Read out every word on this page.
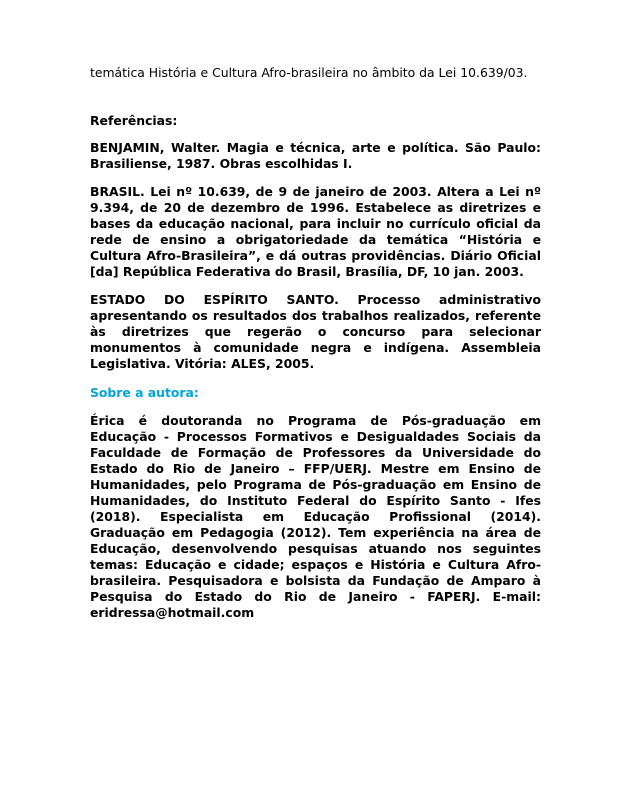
temática História e Cultura Afro-brasileira no âmbito da Lei 10.639/03.

Referências:

BENJAMIN, Walter. Magia e técnica, arte e política. São Paulo: Brasiliense, 1987. Obras escolhidas I.

BRASIL. Lei nº 10.639, de 9 de janeiro de 2003. Altera a Lei nº 9.394, de 20 de dezembro de 1996. Estabelece as diretrizes e bases da educação nacional, para incluir no currículo oficial da rede de ensino a obrigatoriedade da temática “História e Cultura Afro-Brasileira”, e dá outras providências. Diário Oficial [da] República Federativa do Brasil, Brasília, DF, 10 jan. 2003.

ESTADO DO ESPÍRITO SANTO. Processo administrativo apresentando os resultados dos trabalhos realizados, referente às diretrizes que regerão o concurso para selecionar monumentos à comunidade negra e indígena. Assembleia Legislativa. Vitória: ALES, 2005.

Sobre a autora:

Érica é doutoranda no Programa de Pós-graduação em Educação - Processos Formativos e Desigualdades Sociais da Faculdade de Formação de Professores da Universidade do Estado do Rio de Janeiro – FFP/UERJ. Mestre em Ensino de Humanidades, pelo Programa de Pós-graduação em Ensino de Humanidades, do Instituto Federal do Espírito Santo - Ifes (2018). Especialista em Educação Profissional (2014). Graduação em Pedagogia (2012). Tem experiência na área de Educação, desenvolvendo pesquisas atuando nos seguintes temas: Educação e cidade; espaços e História e Cultura Afro-brasileira. Pesquisadora e bolsista da Fundação de Amparo à Pesquisa do Estado do Rio de Janeiro - FAPERJ. E-mail: eridressa@hotmail.com
